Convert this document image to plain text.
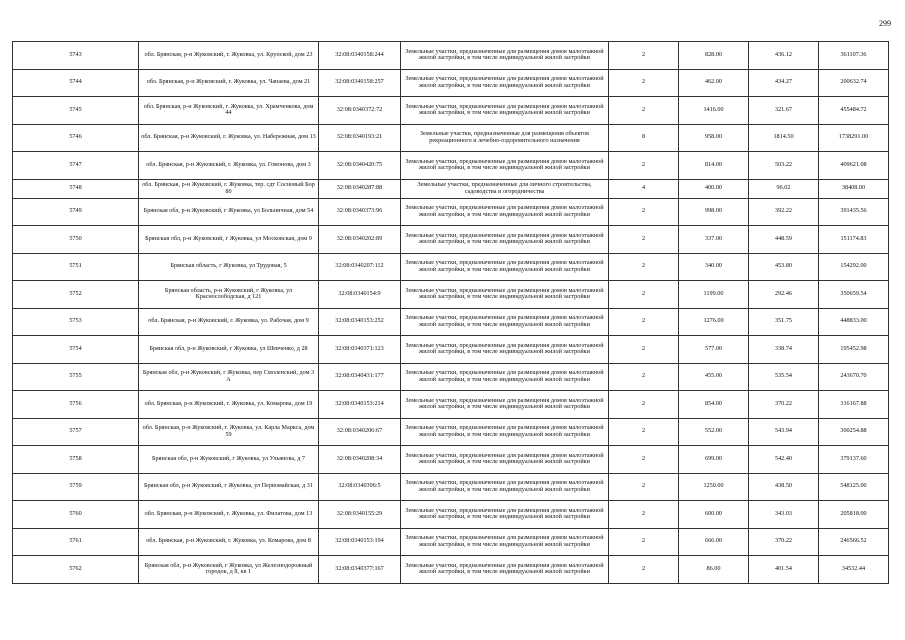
299
5743	обл. Брянская, р-н Жуковский, г. Жуковка, ул. Крупской, дом 23	32:08:0340158:244	Земельные участки, предназначенные для размещения домов малоэтажной жилой застройки, в том числе индивидуальной жилой застройки	2	828.00	436.12	361107.36
5744	обл. Брянская, р-н Жуковский, г. Жуковка, ул. Чапаева, дом 21	32:08:0340158:257	Земельные участки, предназначенные для размещения домов малоэтажной жилой застройки, в том числе индивидуальной жилой застройки	2	462.00	434.27	200632.74
5745	обл. Брянская, р-н Жуковский, г. Жуковка, ул. Храмченкова, дом 44	32:08:0340372:72	Земельные участки, предназначенные для размещения домов малоэтажной жилой застройки, в том числе индивидуальной жилой застройки	2	1416.00	321.67	455484.72
5746	обл. Брянская, р-н Жуковский, г. Жуковка, ул. Набережная, дом 13	32:08:0340193:21	Земельные участки, предназначенные для размещения объектов рекреационного и лечебно-оздоровительного назначения	8	958.00	1814.50	1738291.00
5747	обл. Брянская, р-н Жуковский, г. Жуковка, ул. Гомонова, дом 3	32:08:0340420:75	Земельные участки, предназначенные для размещения домов малоэтажной жилой застройки, в том числе индивидуальной жилой застройки	2	814.00	503.22	409621.08
5748	обл. Брянская, р-н Жуковский, г. Жуковка, тер. сдт Сосновый Бор 80	32:08:0340287:88	Земельные участки, предназначенные для личного строительства, садоводства и огородничества	4	400.00	96.02	38408.00
5749	Брянская обл, р-н Жуковский, г Жуковка, ул Больничная, дом 54	32:08:0340373:96	Земельные участки, предназначенные для размещения домов малоэтажной жилой застройки, в том числе индивидуальной жилой застройки	2	998.00	392.22	391435.56
5750	Брянская обл, р-н Жуковский, г Жуковка, ул Московская, дом 9	32:08:0340202:89	Земельные участки, предназначенные для размещения домов малоэтажной жилой застройки, в том числе индивидуальной жилой застройки	2	337.00	448.59	151174.83
5751	Брянская область, г Жуковка, ул Трудовая, 5	32:08:0340207:112	Земельные участки, предназначенные для размещения домов малоэтажной жилой застройки, в том числе индивидуальной жилой застройки	2	340.00	453.80	154292.00
5752	Брянская область, р-н Жуковский, г Жуковка, ул Краснослободская, д 121	32:08:0340154:9	Земельные участки, предназначенные для размещения домов малоэтажной жилой застройки, в том числе индивидуальной жилой застройки	2	1199.00	292.46	350659.54
5753	обл. Брянская, р-н Жуковский, г. Жуковка, ул. Рабочая, дом 9	32:08:0340153:252	Земельные участки, предназначенные для размещения домов малоэтажной жилой застройки, в том числе индивидуальной жилой застройки	2	1276.00	351.75	448833.00
5754	Брянская обл, р-н Жуковский, г Жуковка, ул Шевченко, д 28	32:08:0340371:123	Земельные участки, предназначенные для размещения домов малоэтажной жилой застройки, в том числе индивидуальной жилой застройки	2	577.00	338.74	195452.98
5755	Брянская обл, р-н Жуковский, г Жуковка, пер Смоленский, дом 3 А	32:08:0340431:177	Земельные участки, предназначенные для размещения домов малоэтажной жилой застройки, в том числе индивидуальной жилой застройки	2	455.00	535.54	243670.70
5756	обл. Брянская, р-н Жуковский, г. Жуковка, ул. Комарова, дом 19	32:08:0340153:214	Земельные участки, предназначенные для размещения домов малоэтажной жилой застройки, в том числе индивидуальной жилой застройки	2	854.00	370.22	316167.88
5757	обл. Брянская, р-н Жуковский, г. Жуковка, ул. Карла Маркса, дом 59	32:08:0340206:67	Земельные участки, предназначенные для размещения домов малоэтажной жилой застройки, в том числе индивидуальной жилой застройки	2	552.00	543.94	300254.88
5758	Брянская обл, р-н Жуковский, г Жуковка, ул Ульянова, д 7	32:08:0340208:34	Земельные участки, предназначенные для размещения домов малоэтажной жилой застройки, в том числе индивидуальной жилой застройки	2	699.00	542.40	379137.60
5759	Брянская обл, р-н Жуковский, г Жуковка, ул Первомайская, д 31	32:08:0340396:5	Земельные участки, предназначенные для размещения домов малоэтажной жилой застройки, в том числе индивидуальной жилой застройки	2	1250.00	438.50	548125.00
5760	обл. Брянская, р-н Жуковский, г. Жуковка, ул. Филатова, дом 13	32:08:0340155:29	Земельные участки, предназначенные для размещения домов малоэтажной жилой застройки, в том числе индивидуальной жилой застройки	2	600.00	343.03	205818.00
5761	обл. Брянская, р-н Жуковский, г. Жуковка, ул. Комарова, дом 8	32:08:0340153:194	Земельные участки, предназначенные для размещения домов малоэтажной жилой застройки, в том числе индивидуальной жилой застройки	2	666.00	370.22	246566.52
5762	Брянская обл, р-н Жуковский, г Жуковка, ул Железнодорожный городок, д 8, кв 1	32:08:0340377:167	Земельные участки, предназначенные для размещения домов малоэтажной жилой застройки, в том числе индивидуальной жилой застройки	2	86.00	401.54	34532.44
